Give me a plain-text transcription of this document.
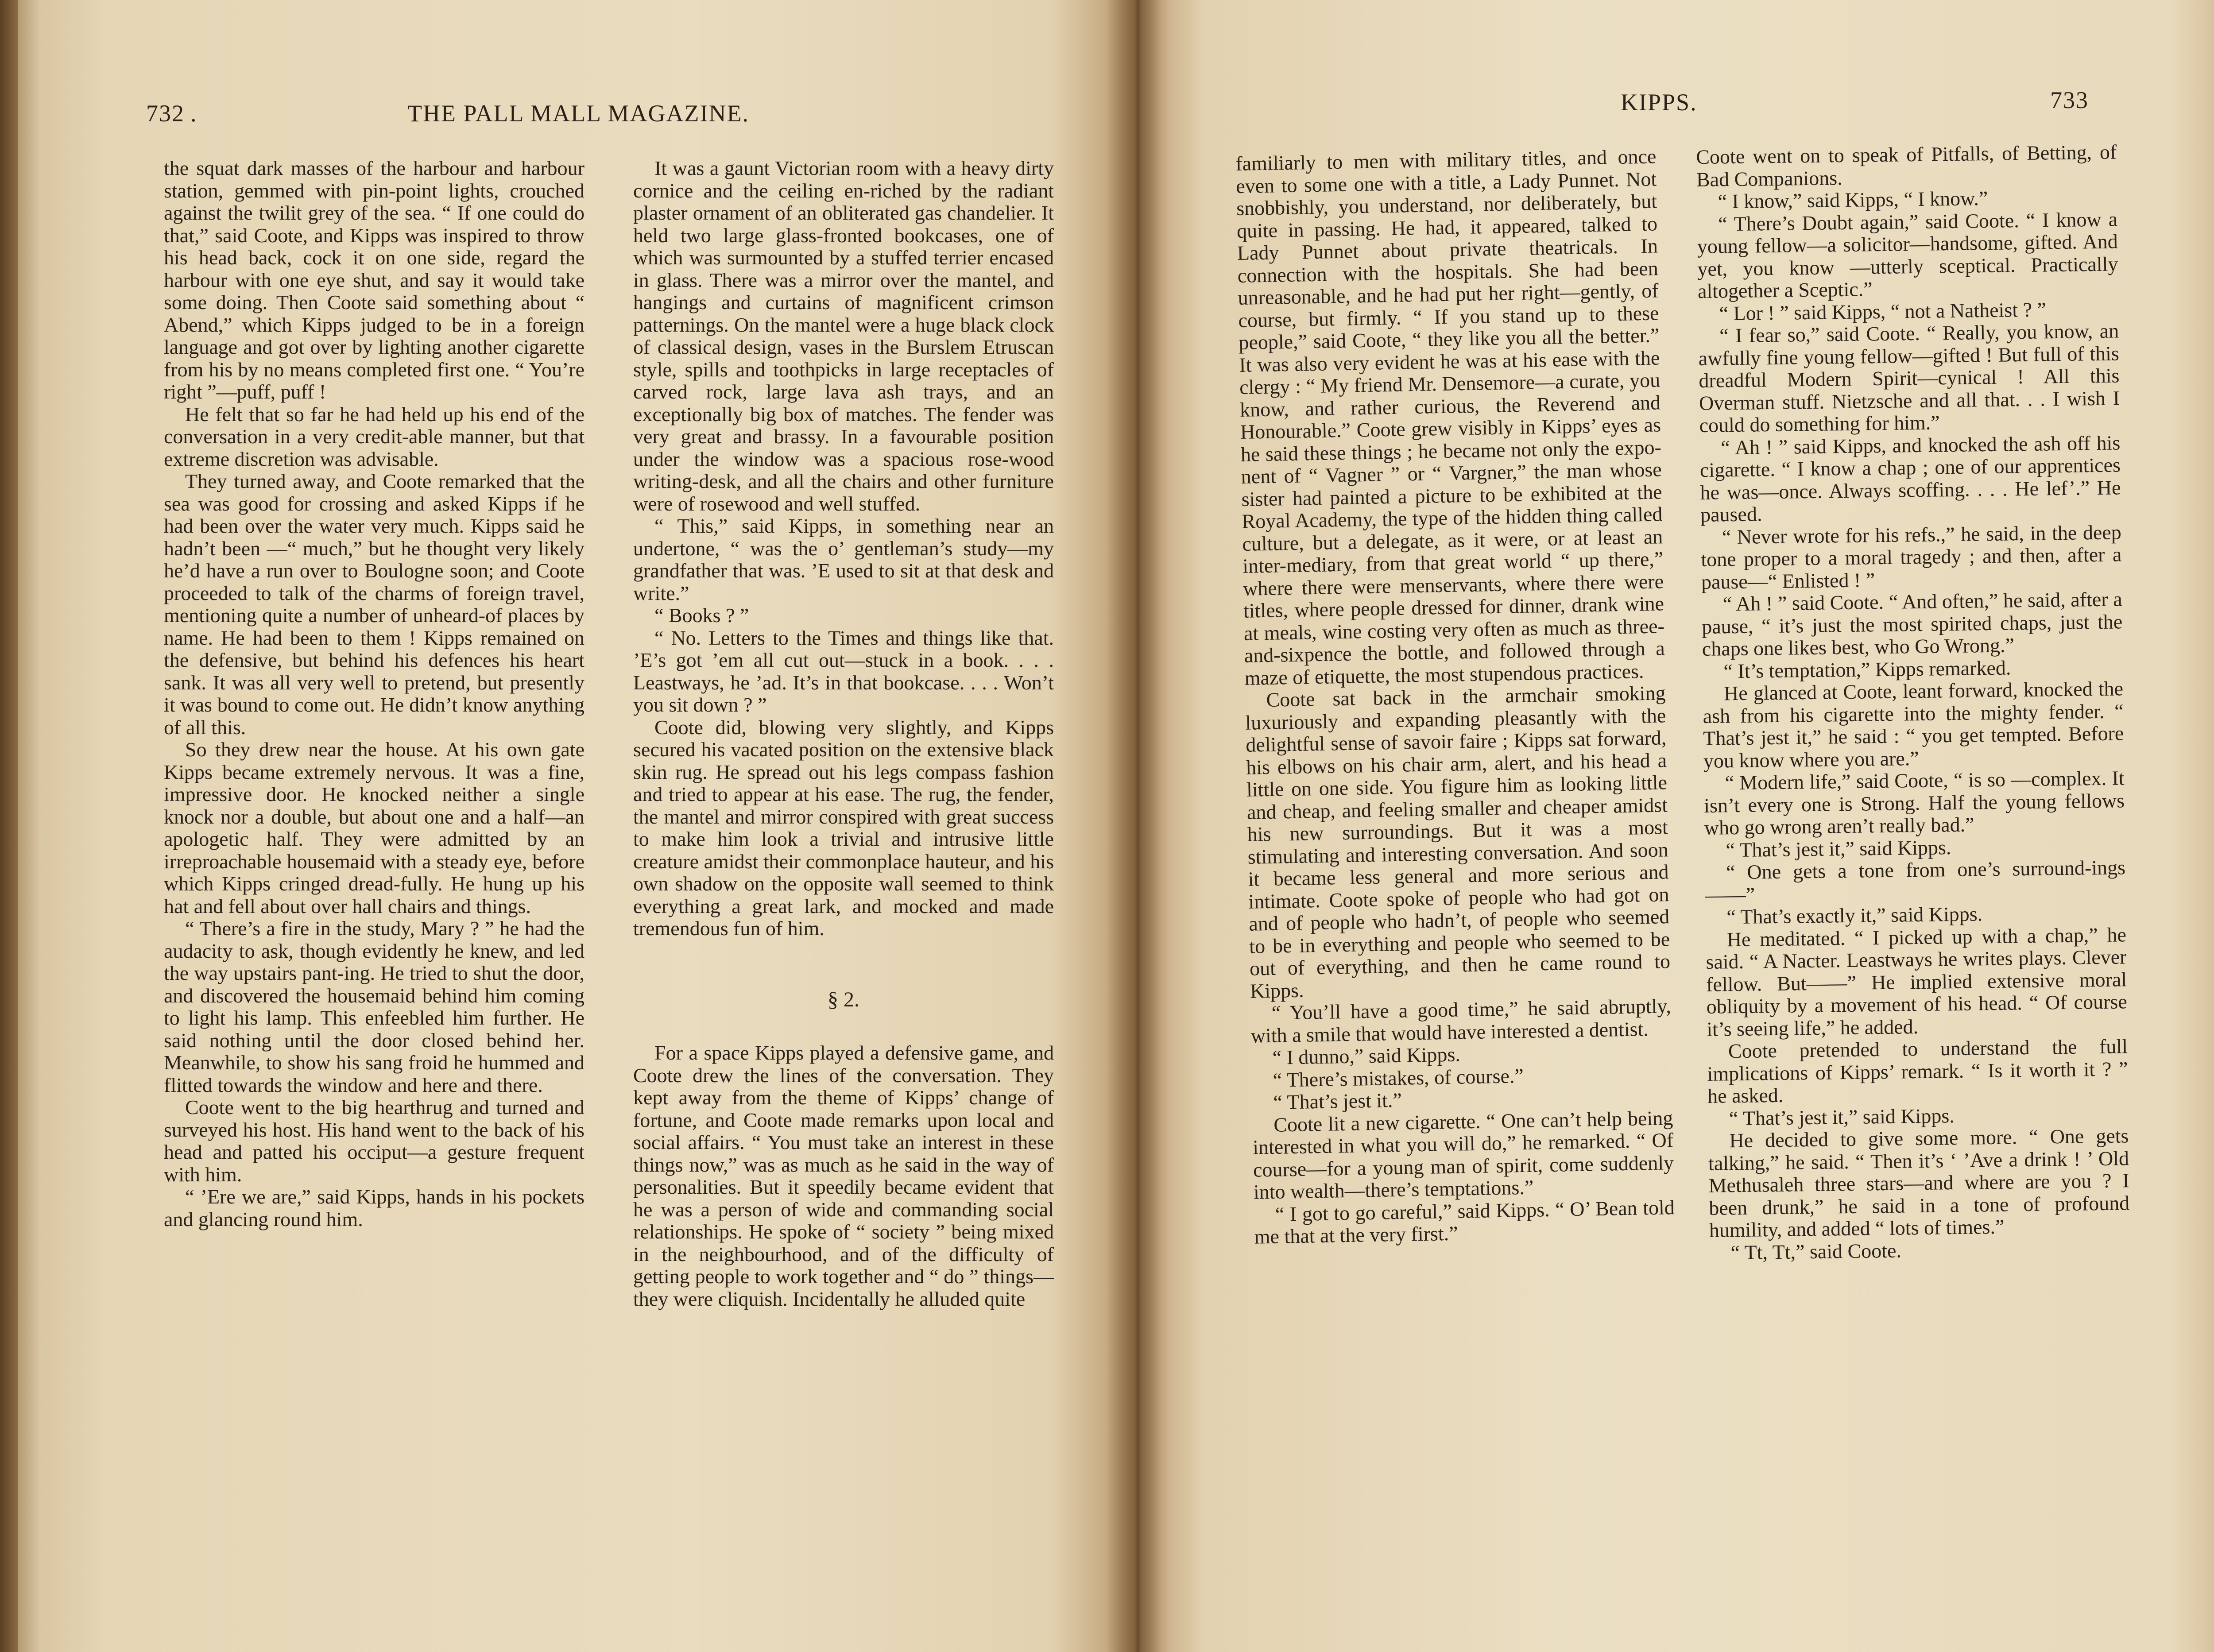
732 .	THE PALL MALL MAGAZINE.

the squat dark masses of the harbour and harbour station, gemmed with pin-point lights, crouched against the twilit grey of the sea. “ If one could do that,” said Coote, and Kipps was inspired to throw his head back, cock it on one side, regard the harbour with one eye shut, and say it would take some doing. Then Coote said something about “ Abend,” which Kipps judged to be in a foreign language and got over by lighting another cigarette from his by no means completed first one. “ You’re right ”—puff, puff !

He felt that so far he had held up his end of the conversation in a very credit-able manner, but that extreme discretion was advisable.

They turned away, and Coote remarked that the sea was good for crossing and asked Kipps if he had been over the water very much. Kipps said he hadn’t been —“ much,” but he thought very likely he’d have a run over to Boulogne soon; and Coote proceeded to talk of the charms of foreign travel, mentioning quite a number of unheard-of places by name. He had been to them ! Kipps remained on the defensive, but behind his defences his heart sank. It was all very well to pretend, but presently it was bound to come out. He didn’t know anything of all this.

So they drew near the house. At his own gate Kipps became extremely nervous. It was a fine, impressive door. He knocked neither a single knock nor a double, but about one and a half—an apologetic half. They were admitted by an irreproachable housemaid with a steady eye, before which Kipps cringed dread-fully. He hung up his hat and fell about over hall chairs and things.

“ There’s a fire in the study, Mary ? ” he had the audacity to ask, though evidently he knew, and led the way upstairs pant-ing. He tried to shut the door, and discovered the housemaid behind him coming to light his lamp. This enfeebled him further. He said nothing until the door closed behind her. Meanwhile, to show his sang froid he hummed and flitted towards the window and here and there.

Coote went to the big hearthrug and turned and surveyed his host. His hand went to the back of his head and patted his occiput—a gesture frequent with him.

“ ’Ere we are,” said Kipps, hands in his pockets and glancing round him.

It was a gaunt Victorian room with a heavy dirty cornice and the ceiling en-riched by the radiant plaster ornament of an obliterated gas chandelier. It held two large glass-fronted bookcases, one of which was surmounted by a stuffed terrier encased in glass. There was a mirror over the mantel, and hangings and curtains of magnificent crimson patternings. On the mantel were a huge black clock of classical design, vases in the Burslem Etruscan style, spills and toothpicks in large receptacles of carved rock, large lava ash trays, and an exceptionally big box of matches. The fender was very great and brassy. In a favourable position under the window was a spacious rose-wood writing-desk, and all the chairs and other furniture were of rosewood and well stuffed.

“ This,” said Kipps, in something near an undertone, “ was the o’ gentleman’s study—my grandfather that was. ’E used to sit at that desk and write.”

“ Books ? ”

“ No. Letters to the Times and things like that. ’E’s got ’em all cut out—stuck in a book. . . . Leastways, he ’ad. It’s in that bookcase. . . . Won’t you sit down ? ”

Coote did, blowing very slightly, and Kipps secured his vacated position on the extensive black skin rug. He spread out his legs compass fashion and tried to appear at his ease. The rug, the fender, the mantel and mirror conspired with great success to make him look a trivial and intrusive little creature amidst their commonplace hauteur, and his own shadow on the opposite wall seemed to think everything a great lark, and mocked and made tremendous fun of him.

§ 2.

For a space Kipps played a defensive game, and Coote drew the lines of the conversation. They kept away from the theme of Kipps’ change of fortune, and Coote made remarks upon local and social affairs. “ You must take an interest in these things now,” was as much as he said in the way of personalities. But it speedily became evident that he was a person of wide and commanding social relationships. He spoke of “ society ” being mixed in the neighbourhood, and of the difficulty of getting people to work together and “ do ” things—they were cliquish. Incidentally he alluded quite

KIPPS.	733

familiarly to men with military titles, and once even to some one with a title, a Lady Punnet. Not snobbishly, you understand, nor deliberately, but quite in passing. He had, it appeared, talked to Lady Punnet about private theatricals. In connection with the hospitals. She had been unreasonable, and he had put her right—gently, of course, but firmly. “ If you stand up to these people,” said Coote, “ they like you all the better.” It was also very evident he was at his ease with the clergy : “ My friend Mr. Densemore—a curate, you know, and rather curious, the Reverend and Honourable.” Coote grew visibly in Kipps’ eyes as he said these things ; he became not only the expo-nent of “ Vagner ” or “ Vargner,” the man whose sister had painted a picture to be exhibited at the Royal Academy, the type of the hidden thing called culture, but a delegate, as it were, or at least an inter-mediary, from that great world “ up there,” where there were menservants, where there were titles, where people dressed for dinner, drank wine at meals, wine costing very often as much as three-and-sixpence the bottle, and followed through a maze of etiquette, the most stupendous practices.

Coote sat back in the armchair smoking luxuriously and expanding pleasantly with the delightful sense of savoir faire ; Kipps sat forward, his elbows on his chair arm, alert, and his head a little on one side. You figure him as looking little and cheap, and feeling smaller and cheaper amidst his new surroundings. But it was a most stimulating and interesting conversation. And soon it became less general and more serious and intimate. Coote spoke of people who had got on and of people who hadn’t, of people who seemed to be in everything and people who seemed to be out of everything, and then he came round to Kipps.

“ You’ll have a good time,” he said abruptly, with a smile that would have interested a dentist.

“ I dunno,” said Kipps.

“ There’s mistakes, of course.”

“ That’s jest it.”

Coote lit a new cigarette. “ One can’t help being interested in what you will do,” he remarked. “ Of course—for a young man of spirit, come suddenly into wealth—there’s temptations.”

“ I got to go careful,” said Kipps. “ O’ Bean told me that at the very first.”

Coote went on to speak of Pitfalls, of Betting, of Bad Companions.

“ I know,” said Kipps, “ I know.”

“ There’s Doubt again,” said Coote. “ I know a young fellow—a solicitor—handsome, gifted. And yet, you know —utterly sceptical. Practically altogether a Sceptic.”

“ Lor ! ” said Kipps, “ not a Natheist ? ”

“ I fear so,” said Coote. “ Really, you know, an awfully fine young fellow—gifted ! But full of this dreadful Modern Spirit—cynical ! All this Overman stuff. Nietzsche and all that. . . I wish I could do something for him.”

“ Ah ! ” said Kipps, and knocked the ash off his cigarette. “ I know a chap ; one of our apprentices he was—once. Always scoffing. . . . He lef’.” He paused.

“ Never wrote for his refs.,” he said, in the deep tone proper to a moral tragedy ; and then, after a pause—“ Enlisted ! ”

“ Ah ! ” said Coote. “ And often,” he said, after a pause, “ it’s just the most spirited chaps, just the chaps one likes best, who Go Wrong.”

“ It’s temptation,” Kipps remarked.

He glanced at Coote, leant forward, knocked the ash from his cigarette into the mighty fender. “ That’s jest it,” he said : “ you get tempted. Before you know where you are.”

“ Modern life,” said Coote, “ is so —complex. It isn’t every one is Strong. Half the young fellows who go wrong aren’t really bad.”

“ That’s jest it,” said Kipps.

“ One gets a tone from one’s surround-ings——”

“ That’s exactly it,” said Kipps.

He meditated. “ I picked up with a chap,” he said. “ A Nacter. Leastways he writes plays. Clever fellow. But——” He implied extensive moral obliquity by a movement of his head. “ Of course it’s seeing life,” he added.

Coote pretended to understand the full implications of Kipps’ remark. “ Is it worth it ? ” he asked.

“ That’s jest it,” said Kipps.

He decided to give some more. “ One gets talking,” he said. “ Then it’s ‘ ’Ave a drink ! ’ Old Methusaleh three stars—and where are you ? I been drunk,” he said in a tone of profound humility, and added “ lots of times.”

“ Tt, Tt,” said Coote.
